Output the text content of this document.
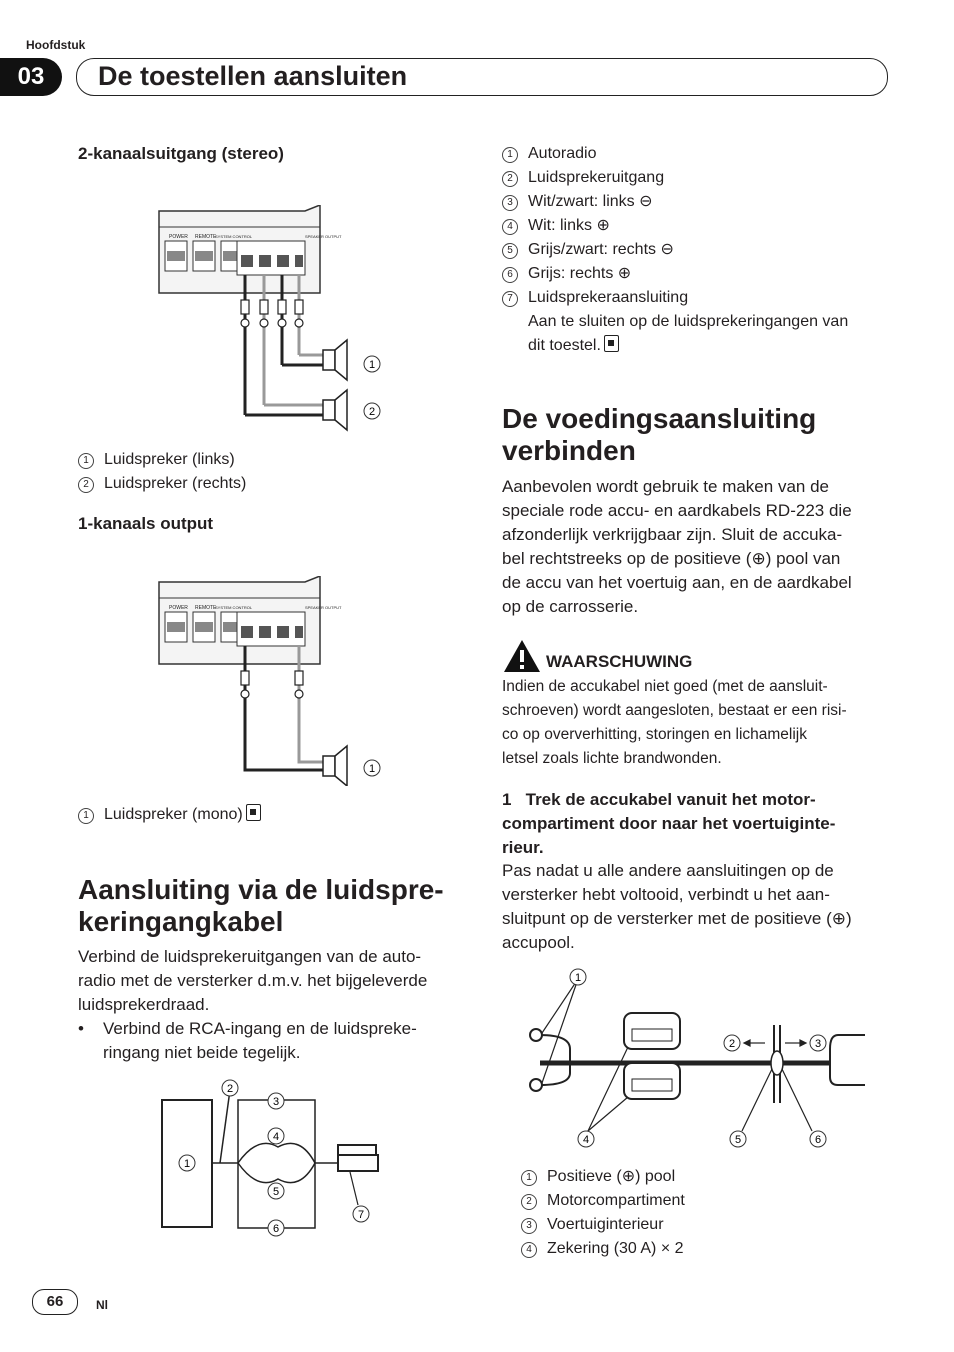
Hoofdstuk
03	De toestellen aansluiten
2-kanaalsuitgang (stereo)
POWER REMOTE
SYSTEM CONTROL	SPEAKER OUTPUT
1
2
1 Luidspreker (links)
2 Luidspreker (rechts)
1-kanaals output
POWER REMOTE
SYSTEM CONTROL	SPEAKER OUTPUT
1
1 Luidspreker (mono)
Aansluiting via de luidspre-
keringangkabel
Verbind de luidsprekeruitgangen van de auto-
radio met de versterker d.m.v. het bijgeleverde
luidsprekerdraad.
• Verbind de RCA-ingang en de luidspreke-
ringang niet beide tegelijk.
1
2
3
4
5
6
7
1 Autoradio
2 Luidsprekeruitgang
3 Wit/zwart: links ⊖
4 Wit: links ⊕
5 Grijs/zwart: rechts ⊖
6 Grijs: rechts ⊕
7 Luidsprekeraansluiting
Aan te sluiten op de luidsprekeringangen van
dit toestel.
De voedingsaansluiting
verbinden
Aanbevolen wordt gebruik te maken van de
speciale rode accu- en aardkabels RD-223 die
afzonderlijk verkrijgbaar zijn. Sluit de accuka-
bel rechtstreeks op de positieve (⊕) pool van
de accu van het voertuig aan, en de aardkabel
op de carrosserie.
WAARSCHUWING
Indien de accukabel niet goed (met de aansluit-
schroeven) wordt aangesloten, bestaat er een risi-
co op oververhitting, storingen en lichamelijk
letsel zoals lichte brandwonden.
1   Trek de accukabel vanuit het motor-
compartiment door naar het voertuiginte-
rieur.
Pas nadat u alle andere aansluitingen op de
versterker hebt voltooid, verbindt u het aan-
sluitpunt op de versterker met de positieve (⊕)
accupool.
1
2	3
4	5	6
1 Positieve (⊕) pool
2 Motorcompartiment
3 Voertuiginterieur
4 Zekering (30 A) × 2
66	Nl
